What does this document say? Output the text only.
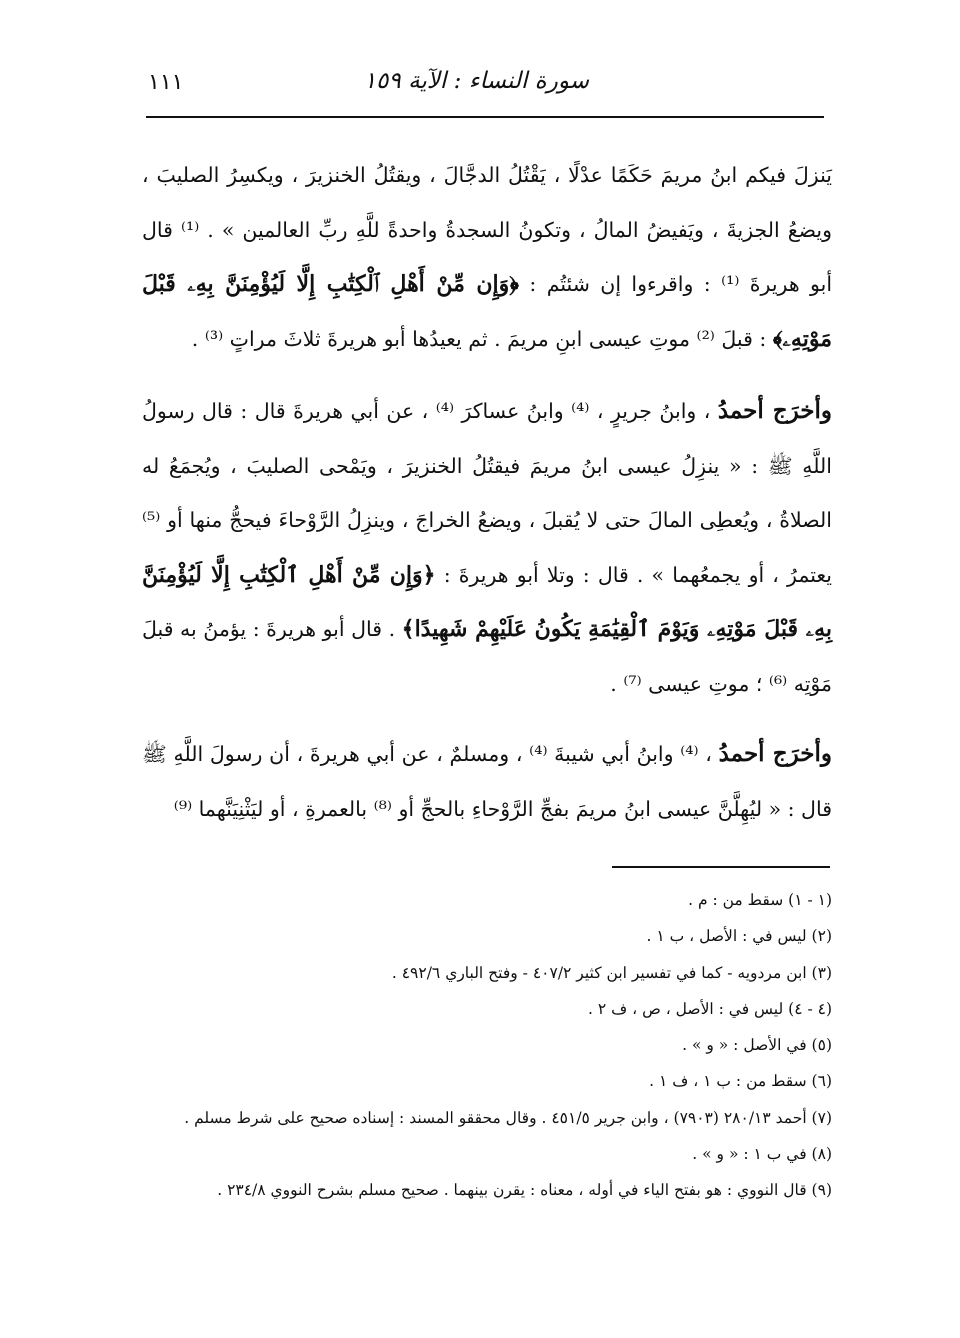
سورة النساء : الآية ١٥٩
١١١

يَنزلَ فيكم ابنُ مريمَ حَكَمًا عدْلًا ، يَقْتُلُ الدجَّالَ ، ويقتُلُ الخنزيرَ ، ويكسِرُ الصليبَ ، ويضعُ الجزيةَ ، ويَفيضُ المالُ ، وتكونُ السجدةُ واحدةً للَّهِ ربِّ العالمين » . ⁽¹⁾ قال أبو هريرةَ ⁽¹⁾ : واقرءوا إن شئتُم : ﴿وَإِن مِّنْ أَهْلِ ٱلْكِتَٰبِ إِلَّا لَيُؤْمِنَنَّ بِهِۦ قَبْلَ مَوْتِهِۦ﴾ : قبلَ ⁽²⁾ موتِ عيسى ابنِ مريمَ . ثم يعيدُها أبو هريرةَ ثلاثَ مراتٍ ⁽³⁾ .

وأخرَج أحمدُ ، وابنُ جريرٍ ، ⁽⁴⁾ وابنُ عساكرَ ⁽⁴⁾ ، عن أبي هريرةَ قال : قال رسولُ اللَّهِ ﷺ : « ينزِلُ عيسى ابنُ مريمَ فيقتُلُ الخنزيرَ ، ويَمْحى الصليبَ ، ويُجمَعُ له الصلاةُ ، ويُعطِى المالَ حتى لا يُقبلَ ، ويضعُ الخراجَ ، وينزِلُ الرَّوْحاءَ فيحجُّ منها أو ⁽⁵⁾ يعتمرُ ، أو يجمعُهما » . قال : وتلا أبو هريرةَ : ﴿وَإِن مِّنْ أَهْلِ ٱلْكِتَٰبِ إِلَّا لَيُؤْمِنَنَّ بِهِۦ قَبْلَ مَوْتِهِۦ وَيَوْمَ ٱلْقِيَٰمَةِ يَكُونُ عَلَيْهِمْ شَهِيدًا﴾ . قال أبو هريرةَ : يؤمنُ به قبلَ مَوْتِه ⁽⁶⁾ ؛ موتِ عيسى ⁽⁷⁾ .

وأخرَج أحمدُ ، ⁽⁴⁾ وابنُ أبي شيبةَ ⁽⁴⁾ ، ومسلمٌ ، عن أبي هريرةَ ، أن رسولَ اللَّهِ ﷺ قال : « ليُهِلَّنَّ عيسى ابنُ مريمَ بفجِّ الرَّوْحاءِ بالحجِّ أو ⁽⁸⁾ بالعمرةِ ، أو ليَثْنِيَنَّهما ⁽⁹⁾

(١ - ١) سقط من : م .
(٢) ليس في : الأصل ، ب ١ .
(٣) ابن مردويه - كما في تفسير ابن كثير ٤٠٧/٢ - وفتح الباري ٤٩٢/٦ .
(٤ - ٤) ليس في : الأصل ، ص ، ف ٢ .
(٥) في الأصل : « و » .
(٦) سقط من : ب ١ ، ف ١ .
(٧) أحمد ٢٨٠/١٣ (٧٩٠٣) ، وابن جرير ٤٥١/٥ . وقال محققو المسند : إسناده صحيح على شرط مسلم .
(٨) في ب ١ : « و » .
(٩) قال النووي : هو بفتح الياء في أوله ، معناه : يقرن بينهما . صحيح مسلم بشرح النووي ٢٣٤/٨ .
